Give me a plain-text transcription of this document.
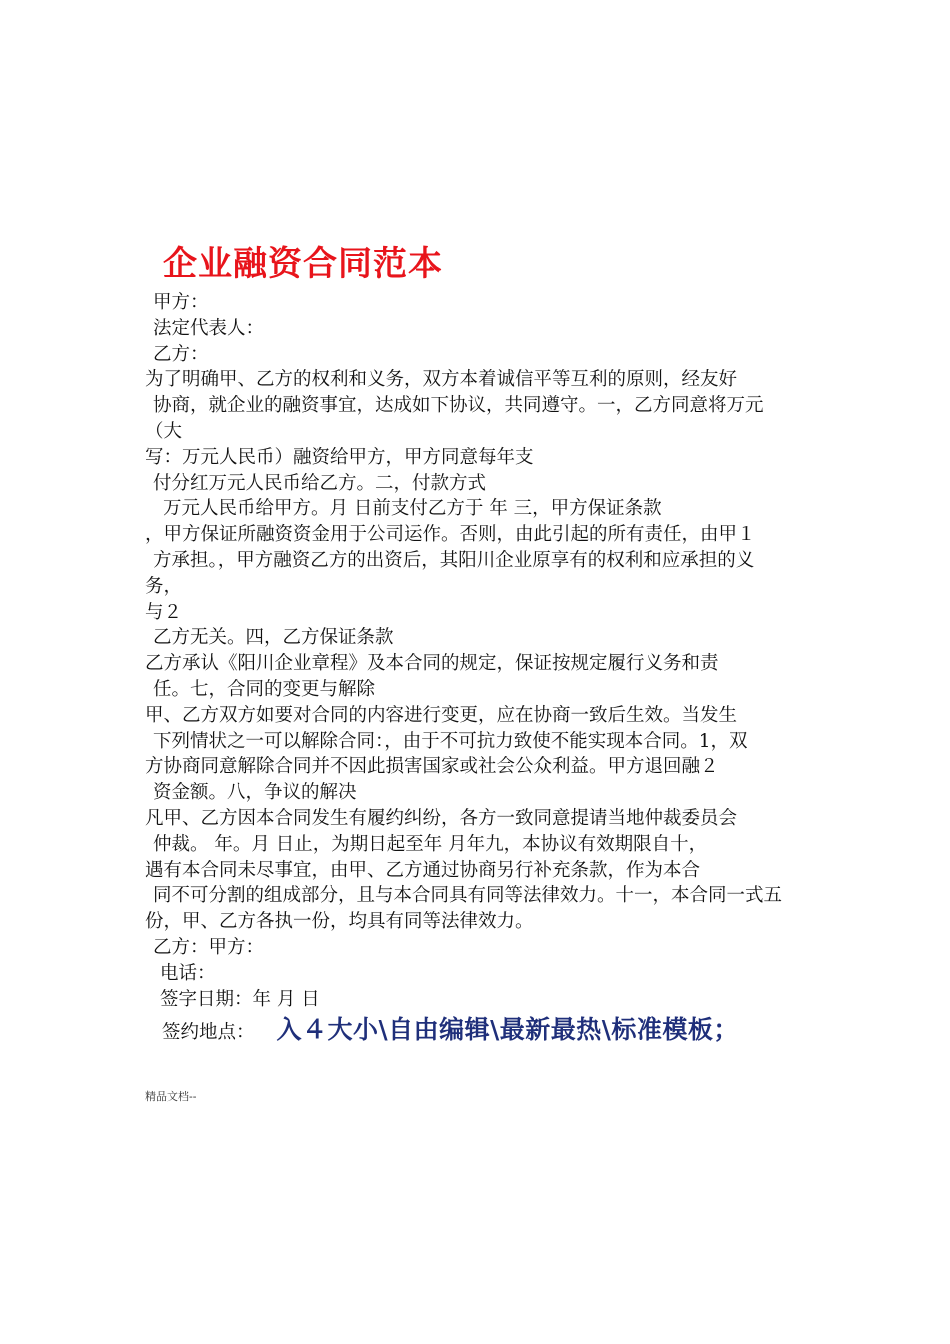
企业融资合同范本
甲方：
法定代表人：
乙方：
为了明确甲、乙方的权利和义务，双方本着诚信平等互利的原则，经友好
协商，就企业的融资事宜，达成如下协议，共同遵守。一，乙方同意将万元
（大
写：万元人民币）融资给甲方，甲方同意每年支
付分红万元人民币给乙方。二，付款方式
万元人民币给甲方。月 日前支付乙方于 年 三，甲方保证条款
，甲方保证所融资资金用于公司运作。否则，由此引起的所有责任，由甲１
方承担。，甲方融资乙方的出资后，其阳川企业原享有的权利和应承担的义
务，
与２
乙方无关。四，乙方保证条款
乙方承认《阳川企业章程》及本合同的规定，保证按规定履行义务和责
任。七，合同的变更与解除
甲、乙方双方如要对合同的内容进行变更，应在协商一致后生效。当发生
下列情状之一可以解除合同：，由于不可抗力致使不能实现本合同。1，双
方协商同意解除合同并不因此损害国家或社会公众利益。甲方退回融２
资金额。八，争议的解决
凡甲、乙方因本合同发生有履约纠纷，各方一致同意提请当地仲裁委员会
仲裁。 年。月 日止，为期日起至年 月年九，本协议有效期限自十，
遇有本合同未尽事宜，由甲、乙方通过协商另行补充条款，作为本合
同不可分割的组成部分，且与本合同具有同等法律效力。十一，本合同一式五
份，甲、乙方各执一份，均具有同等法律效力。
乙方：甲方：
电话：
签字日期：年 月 日
签约地点： 入４大小\自由编辑\最新最热\标准模板；
精品文档--
